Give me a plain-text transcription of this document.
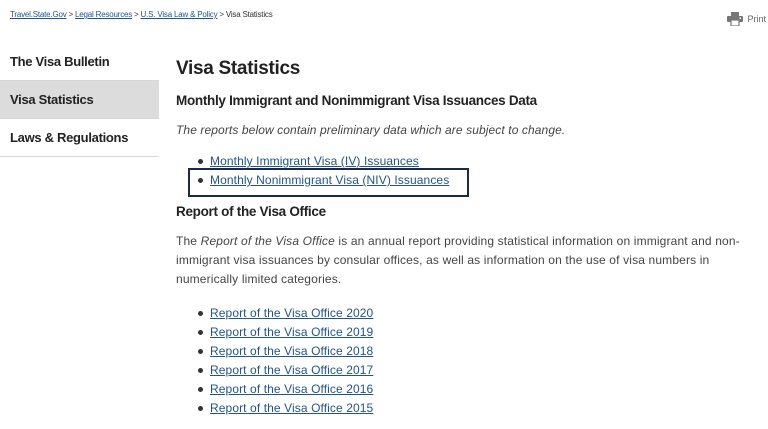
Travel.State.Gov > Legal Resources > U.S. Visa Law & Policy > Visa Statistics	Print
The Visa Bulletin
Visa Statistics
Laws & Regulations
Visa Statistics
Monthly Immigrant and Nonimmigrant Visa Issuances Data
The reports below contain preliminary data which are subject to change.
Monthly Immigrant Visa (IV) Issuances
Monthly Nonimmigrant Visa (NIV) Issuances
Report of the Visa Office

The Report of the Visa Office is an annual report providing statistical information on immigrant and non-immigrant visa issuances by consular offices, as well as information on the use of visa numbers in numerically limited categories.

Report of the Visa Office 2020
Report of the Visa Office 2019
Report of the Visa Office 2018
Report of the Visa Office 2017
Report of the Visa Office 2016
Report of the Visa Office 2015
